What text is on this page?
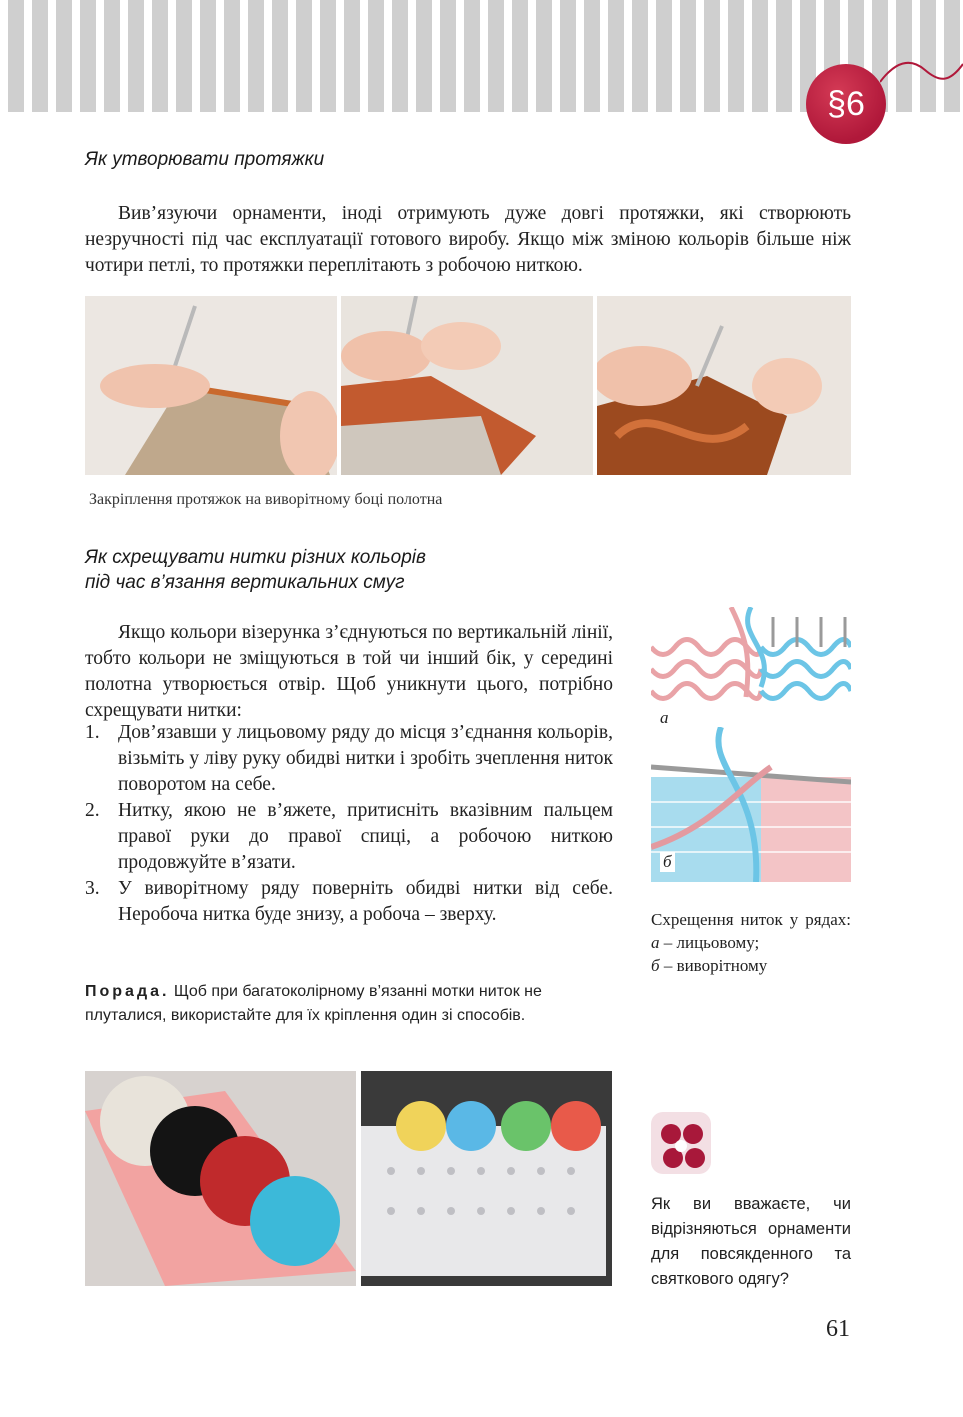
§6
Як утворювати протяжки

Вив’язуючи орнаменти, іноді отримують дуже довгі протяжки, які створюють незручності під час експлуатації готового виробу. Якщо між зміною кольорів більше ніж чотири петлі, то протяжки переплітають з робочою ниткою.

Закріплення протяжок на виворітному боці полотна
Як схрещувати нитки різних кольорів
під час в’язання вертикальних смуг

Якщо кольори візерунка з’єднуються по вертикальній лінії, тобто кольори не зміщуються в той чи інший бік, у середині полотна утворюється отвір. Щоб уникнути цього, потрібно схрещувати нитки:

1. Дов’язавши у лицьовому ряду до місця з’єднання кольорів, візьміть у ліву руку обидві нитки і зробіть зчеплення ниток поворотом на себе.
2. Нитку, якою не в’яжете, притисніть вказівним пальцем правої руки до правої спиці, а робочою ниткою продовжуйте в’язати.
3. У виворітному ряду поверніть обидві нитки від себе. Неробоча нитка буде знизу, а робоча – зверху.
а
б
Схрещення ниток у рядах: а – лицьовому;
б – виворітному
Порада. Щоб при багатоколірному в’язанні мотки ниток не плуталися, використайте для їх кріплення один зі способів.
Як ви вважаєте, чи відрізняються орнаменти для повсякденного та святкового одягу?
61
